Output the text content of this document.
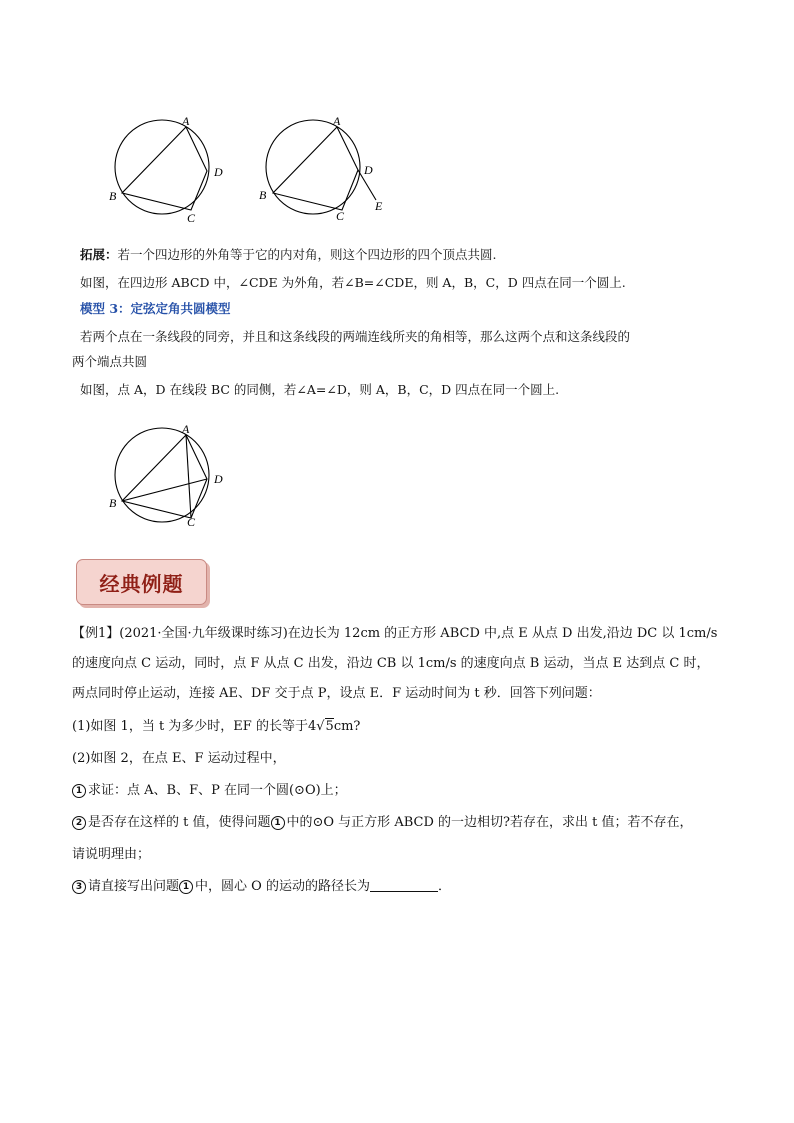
A
B
C
D
A
B
C
D
E
拓展：若一个四边形的外角等于它的内对角，则这个四边形的四个顶点共圆.
如图，在四边形 ABCD 中，∠CDE 为外角，若∠B=∠CDE，则 A，B，C，D 四点在同一个圆上.
模型 3：定弦定角共圆模型
若两个点在一条线段的同旁，并且和这条线段的两端连线所夹的角相等，那么这两个点和这条线段的
两个端点共圆
如图，点 A，D 在线段 BC 的同侧，若∠A=∠D，则 A，B，C，D 四点在同一个圆上.
A
B
C
D
经典例题
【例1】(2021·全国·九年级课时练习)在边长为 12cm 的正方形 ABCD 中,点 E 从点 D 出发,沿边 DC 以 1cm/s
的速度向点 C 运动，同时，点 F 从点 C 出发，沿边 CB 以 1cm/s 的速度向点 B 运动，当点 E 达到点 C 时，
两点同时停止运动，连接 AE、DF 交于点 P，设点 E．F 运动时间为 t 秒．回答下列问题：
(1)如图 1，当 t 为多少时，EF 的长等于4√5cm?
(2)如图 2，在点 E、F 运动过程中，
1 求证：点 A、B、F、P 在同一个圆(⊙O)上；
2 是否存在这样的 t 值，使得问题 1 中的⊙O 与正方形 ABCD 的一边相切?若存在，求出 t 值；若不存在，
请说明理由；
3 请直接写出问题 1 中，圆心 O 的运动的路径长为	．
